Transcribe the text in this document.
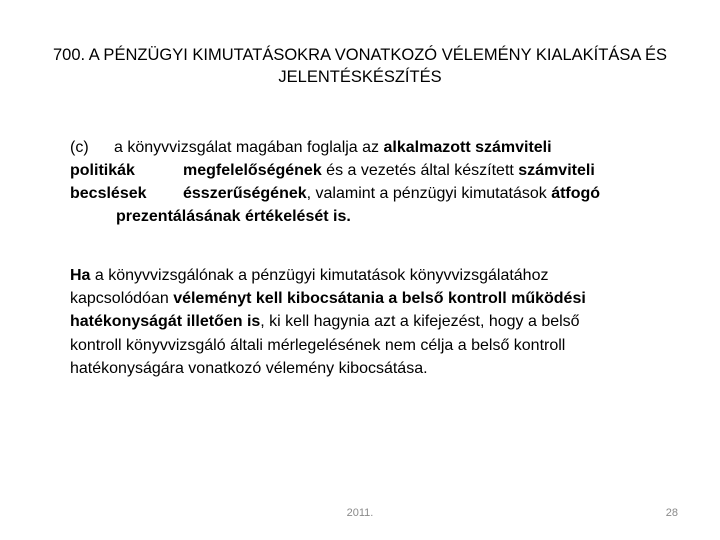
700. A PÉNZÜGYI KIMUTATÁSOKRA VONATKOZÓ VÉLEMÉNY KIALAKÍTÁSA ÉS
JELENTÉSKÉSZÍTÉS
(c) a könyvvizsgálat magában foglalja az alkalmazott számviteli
politikák	megfelelőségének és a vezetés által készített számviteli
becslések ésszerűségének, valamint a pénzügyi kimutatások átfogó
prezentálásának értékelését is.
Ha a könyvvizsgálónak a pénzügyi kimutatások könyvvizsgálatához
kapcsolódóan véleményt kell kibocsátania a belső kontroll működési
hatékonyságát illetően is, ki kell hagynia azt a kifejezést, hogy a belső
kontroll könyvvizsgáló általi mérlegelésének nem célja a belső kontroll
hatékonyságára vonatkozó vélemény kibocsátása.
2011.	28
